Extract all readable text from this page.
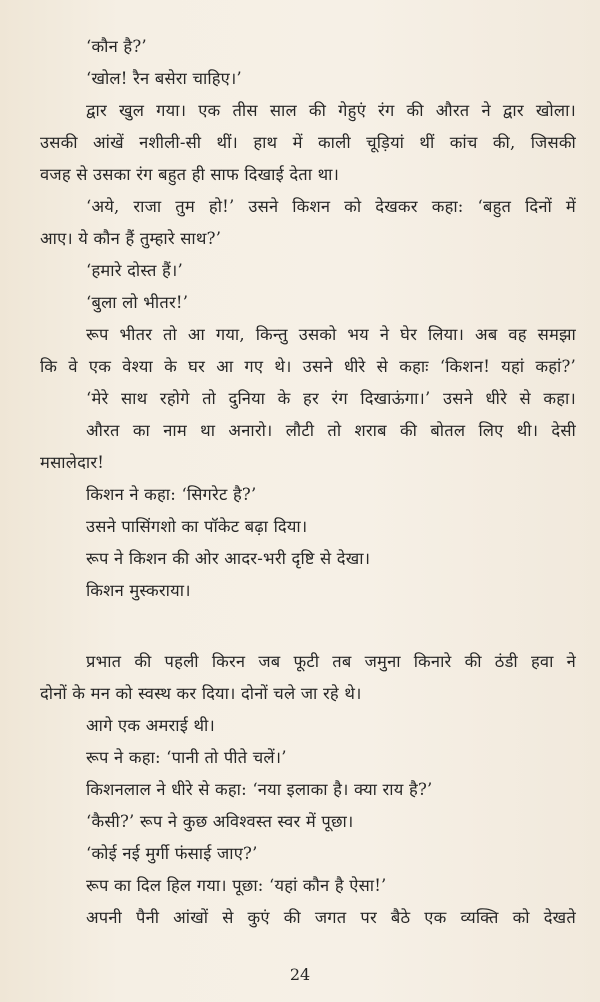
‘कौन है?’
‘खोल! रैन बसेरा चाहिए।’
द्वार खुल गया। एक तीस साल की गेहुएं रंग की औरत ने द्वार खोला।
उसकी आंखें नशीली-सी थीं। हाथ में काली चूड़ियां थीं कांच की, जिसकी
वजह से उसका रंग बहुत ही साफ दिखाई देता था।
‘अये, राजा तुम हो!’ उसने किशन को देखकर कहा: ‘बहुत दिनों में
आए। ये कौन हैं तुम्हारे साथ?’
‘हमारे दोस्त हैं।’
‘बुला लो भीतर!’
रूप भीतर तो आ गया, किन्तु उसको भय ने घेर लिया। अब वह समझा
कि वे एक वेश्या के घर आ गए थे। उसने धीरे से कहाः ‘किशन! यहां कहां?’
‘मेरे साथ रहोगे तो दुनिया के हर रंग दिखाऊंगा।’ उसने धीरे से कहा।
औरत का नाम था अनारो। लौटी तो शराब की बोतल लिए थी। देसी
मसालेदार!
किशन ने कहा: ‘सिगरेट है?’
उसने पासिंगशो का पॉकेट बढ़ा दिया।
रूप ने किशन की ओर आदर-भरी दृष्टि से देखा।
किशन मुस्कराया।
प्रभात की पहली किरन जब फूटी तब जमुना किनारे की ठंडी हवा ने
दोनों के मन को स्वस्थ कर दिया। दोनों चले जा रहे थे।
आगे एक अमराई थी।
रूप ने कहा: ‘पानी तो पीते चलें।’
किशनलाल ने धीरे से कहा: ‘नया इलाका है। क्या राय है?’
‘कैसी?’ रूप ने कुछ अविश्वस्त स्वर में पूछा।
‘कोई नई मुर्गी फंसाई जाए?’
रूप का दिल हिल गया। पूछा: ‘यहां कौन है ऐसा!’
अपनी पैनी आंखों से कुएं की जगत पर बैठे एक व्यक्ति को देखते
24
